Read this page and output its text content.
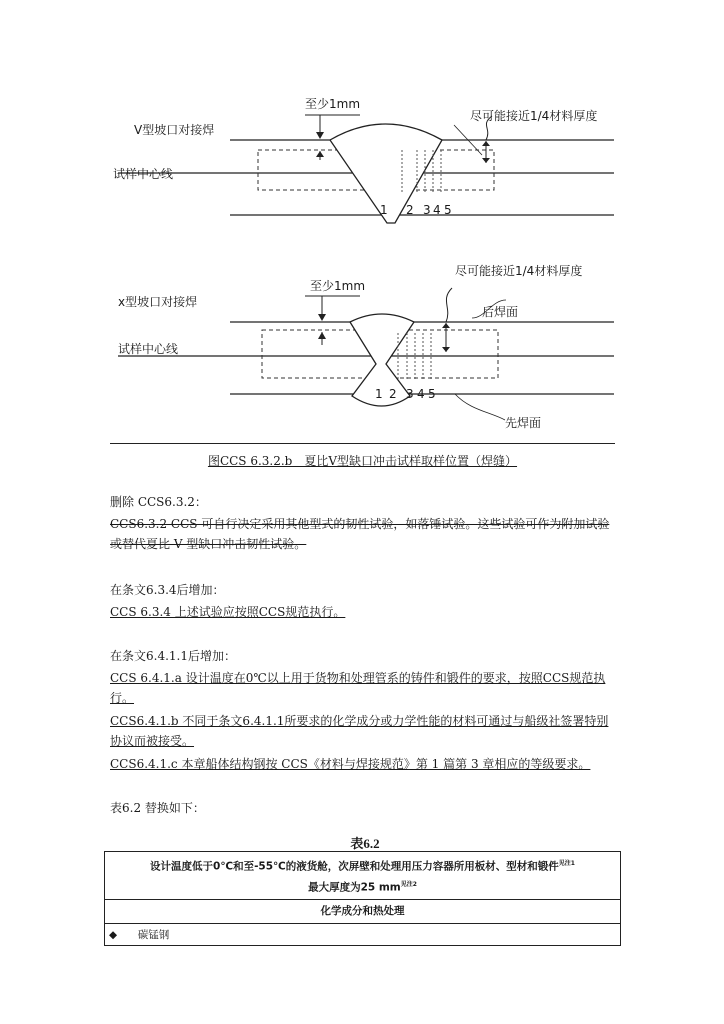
至少1mm
V型坡口对接焊
试样中心线
尽可能接近1/4材料厚度
1 2 3 4 5
至少1mm
尽可能接近1/4材料厚度
x型坡口对接焊
试样中心线
后焊面
先焊面
1 2 3 4 5
图CCS 6.3.2.b　夏比V型缺口冲击试样取样位置（焊缝）
删除 CCS6.3.2：
CCS6.3.2 CCS 可自行决定采用其他型式的韧性试验，如落锤试验。这些试验可作为附加试验或替代夏比 V 型缺口冲击韧性试验。
在条文6.3.4后增加：
CCS 6.3.4 上述试验应按照CCS规范执行。
在条文6.4.1.1后增加：
CCS 6.4.1.a 设计温度在0℃以上用于货物和处理管系的铸件和锻件的要求，按照CCS规范执行。
CCS6.4.1.b 不同于条文6.4.1.1所要求的化学成分或力学性能的材料可通过与船级社签署特别协议而被接受。
CCS6.4.1.c 本章船体结构钢按 CCS《材料与焊接规范》第 1 篇第 3 章相应的等级要求。
表6.2 替换如下：
表6.2
设计温度低于0℃和至-55℃的液货舱，次屏壁和处理用压力容器所用板材、型材和锻件$^{见注1}$
最大厚度为25 $mm^{见注2}$
化学成分和热处理
◆ 碳锰钢
